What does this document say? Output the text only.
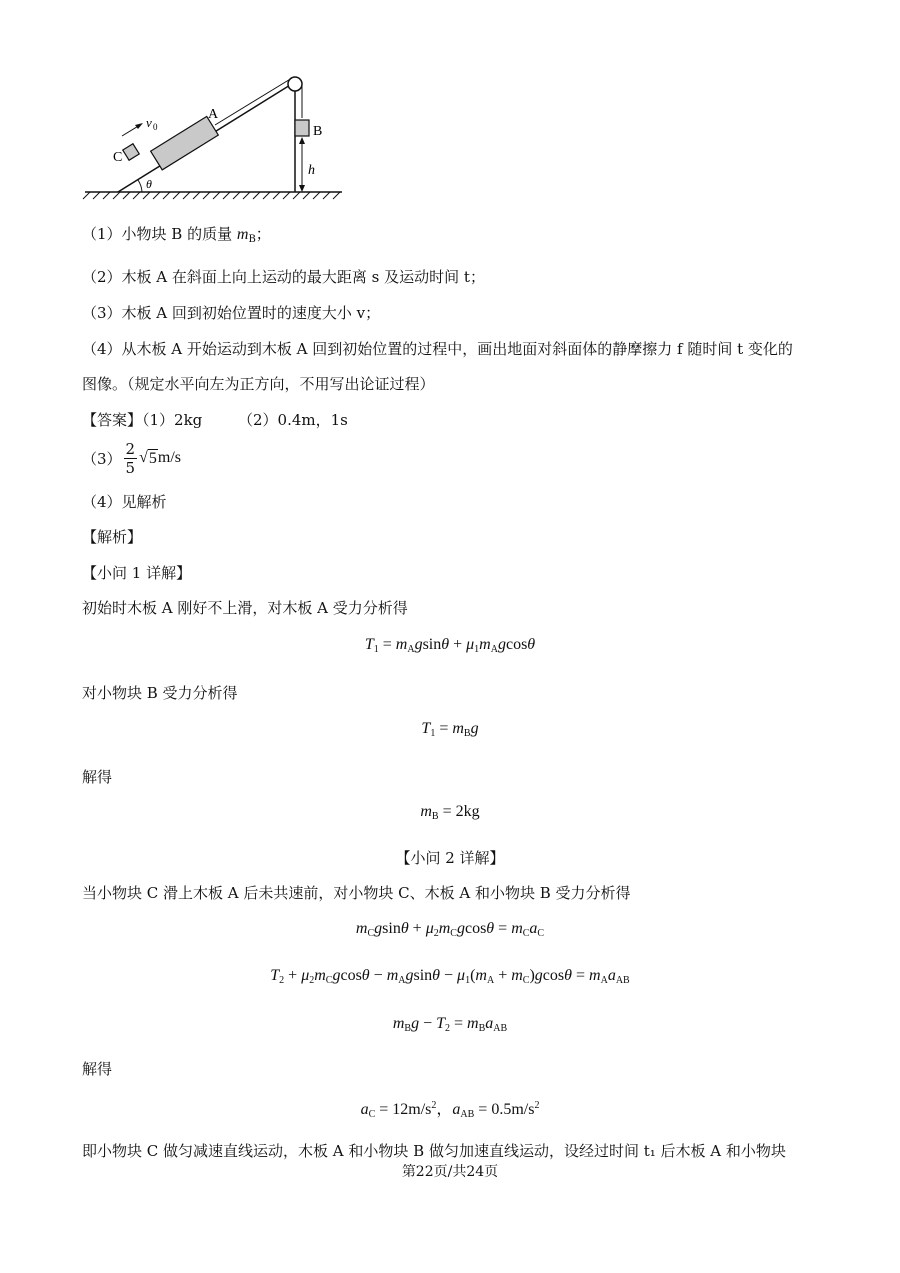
v 0
A
C
B
h
θ
（1）小物块 B 的质量 $m_B$；
（2）木板 A 在斜面上向上运动的最大距离 s 及运动时间 t；
（3）木板 A 回到初始位置时的速度大小 v；
（4）从木板 A 开始运动到木板 A 回到初始位置的过程中，画出地面对斜面体的静摩擦力 f 随时间 t 变化的
图像。（规定水平向左为正方向，不用写出论证过程）
【答案】（1）2kg （2）0.4m，1s
$(3) \frac{2}{5}$ √ 5 m/s
（4）见解析
【解析】
【小问 1 详解】
初始时木板 A 刚好不上滑，对木板 A 受力分析得
$T_1 = m_Agsin\theta + \mu_1m_Agcos\theta$
对小物块 B 受力分析得
$T_1 = m_Bg$
解得
$m_B = 2kg$
【小问 2 详解】
当小物块 C 滑上木板 A 后未共速前，对小物块 C、木板 A 和小物块 B 受力分析得
$m_Cgsin\theta + \mu_2m_Cgcos\theta = m_Ca_C$
$T_2 + \mu_2m_Cgcos\theta - m_Agsin\theta - \mu_1(m_A + m_C)gcos\theta = m_Aa_{AB}$
$m_Bg - T_2 = m_Ba_{AB}$
解得
$a_C = 12m/s^2$，$a_{AB} = 0.5m/s^2$
即小物块 C 做匀减速直线运动，木板 A 和小物块 B 做匀加速直线运动，设经过时间 t₁ 后木板 A 和小物块
第22页/共24页
